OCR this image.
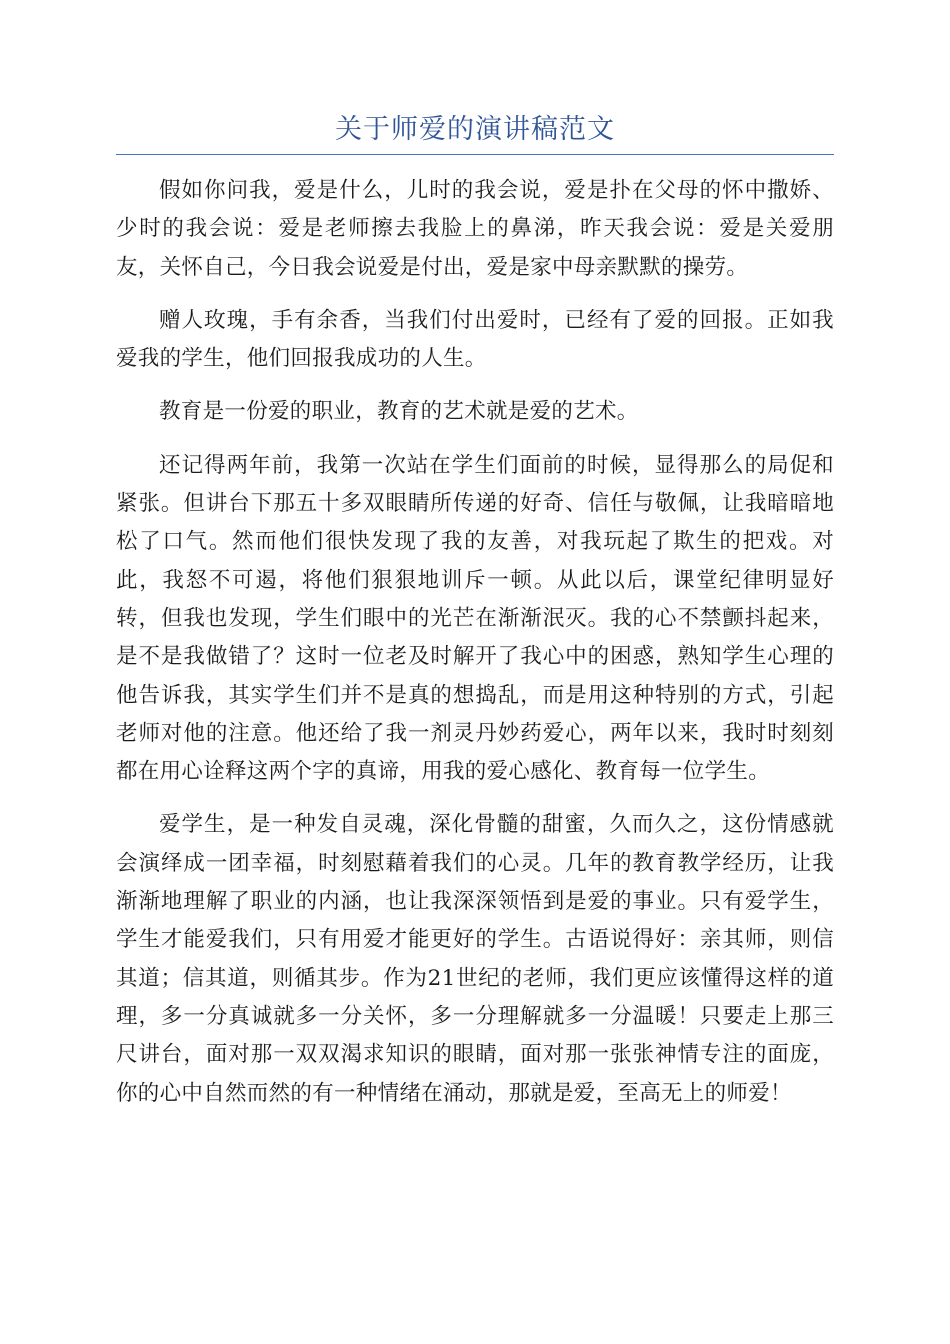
关于师爱的演讲稿范文

假如你问我，爱是什么，儿时的我会说，爱是扑在父母的怀中撒娇、少时的我会说：爱是老师擦去我脸上的鼻涕，昨天我会说：爱是关爱朋友，关怀自己，今日我会说爱是付出，爱是家中母亲默默的操劳。

赠人玫瑰，手有余香，当我们付出爱时，已经有了爱的回报。正如我爱我的学生，他们回报我成功的人生。

教育是一份爱的职业，教育的艺术就是爱的艺术。

还记得两年前，我第一次站在学生们面前的时候，显得那么的局促和紧张。但讲台下那五十多双眼睛所传递的好奇、信任与敬佩，让我暗暗地松了口气。然而他们很快发现了我的友善，对我玩起了欺生的把戏。对此，我怒不可遏，将他们狠狠地训斥一顿。从此以后，课堂纪律明显好转，但我也发现，学生们眼中的光芒在渐渐泯灭。我的心不禁颤抖起来，是不是我做错了？这时一位老及时解开了我心中的困惑，熟知学生心理的他告诉我，其实学生们并不是真的想捣乱，而是用这种特别的方式，引起老师对他的注意。他还给了我一剂灵丹妙药爱心，两年以来，我时时刻刻都在用心诠释这两个字的真谛，用我的爱心感化、教育每一位学生。

爱学生，是一种发自灵魂，深化骨髓的甜蜜，久而久之，这份情感就会演绎成一团幸福，时刻慰藉着我们的心灵。几年的教育教学经历，让我渐渐地理解了职业的内涵，也让我深深领悟到是爱的事业。只有爱学生，学生才能爱我们，只有用爱才能更好的学生。古语说得好：亲其师，则信其道；信其道，则循其步。作为21世纪的老师，我们更应该懂得这样的道理，多一分真诚就多一分关怀，多一分理解就多一分温暖！只要走上那三尺讲台，面对那一双双渴求知识的眼睛，面对那一张张神情专注的面庞，你的心中自然而然的有一种情绪在涌动，那就是爱，至高无上的师爱！
